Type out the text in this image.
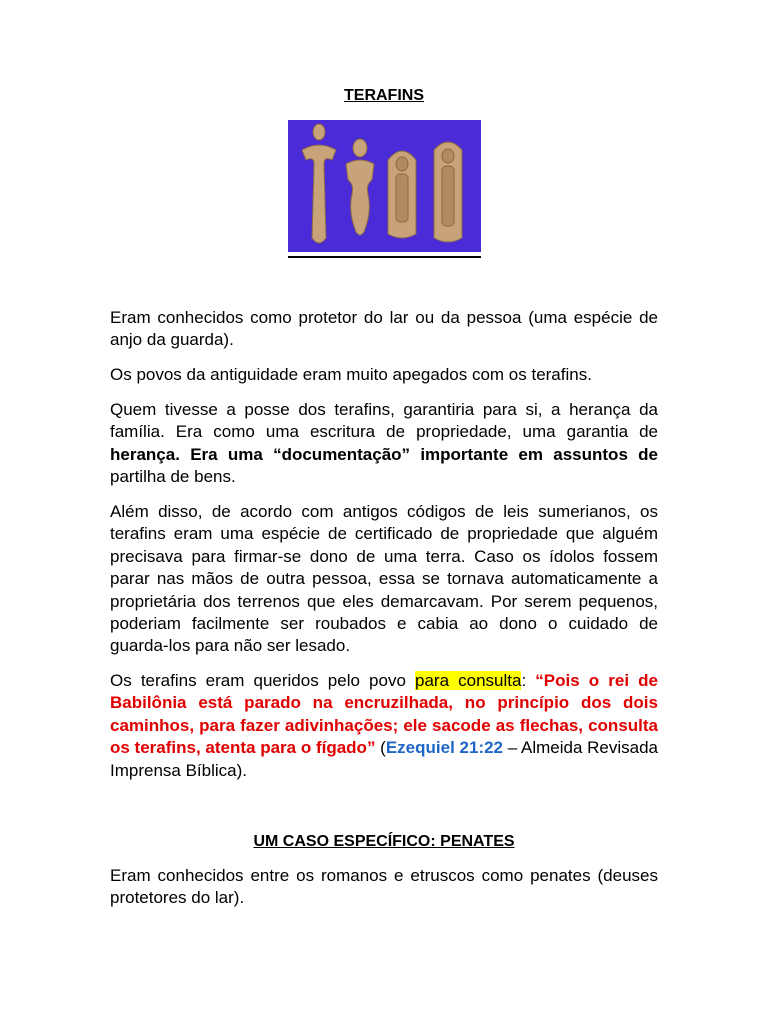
TERAFINS
Eram conhecidos como protetor do lar ou da pessoa (uma espécie de anjo da guarda).
Os povos da antiguidade eram muito apegados com os terafins.
Quem tivesse a posse dos terafins, garantiria para si, a herança da família. Era como uma escritura de propriedade, uma garantia de herança. Era uma “documentação” importante em assuntos de partilha de bens.
Além disso, de acordo com antigos códigos de leis sumerianos, os terafins eram uma espécie de certificado de propriedade que alguém precisava para firmar-se dono de uma terra. Caso os ídolos fossem parar nas mãos de outra pessoa, essa se tornava automaticamente a proprietária dos terrenos que eles demarcavam. Por serem pequenos, poderiam facilmente ser roubados e cabia ao dono o cuidado de guarda-los para não ser lesado.
Os terafins eram queridos pelo povo para consulta: “Pois o rei de Babilônia está parado na encruzilhada, no princípio dos dois caminhos, para fazer adivinhações; ele sacode as flechas, consulta os terafins, atenta para o fígado” (Ezequiel 21:22 – Almeida Revisada Imprensa Bíblica).
UM CASO ESPECÍFICO: PENATES
Eram conhecidos entre os romanos e etruscos como penates (deuses protetores do lar).
